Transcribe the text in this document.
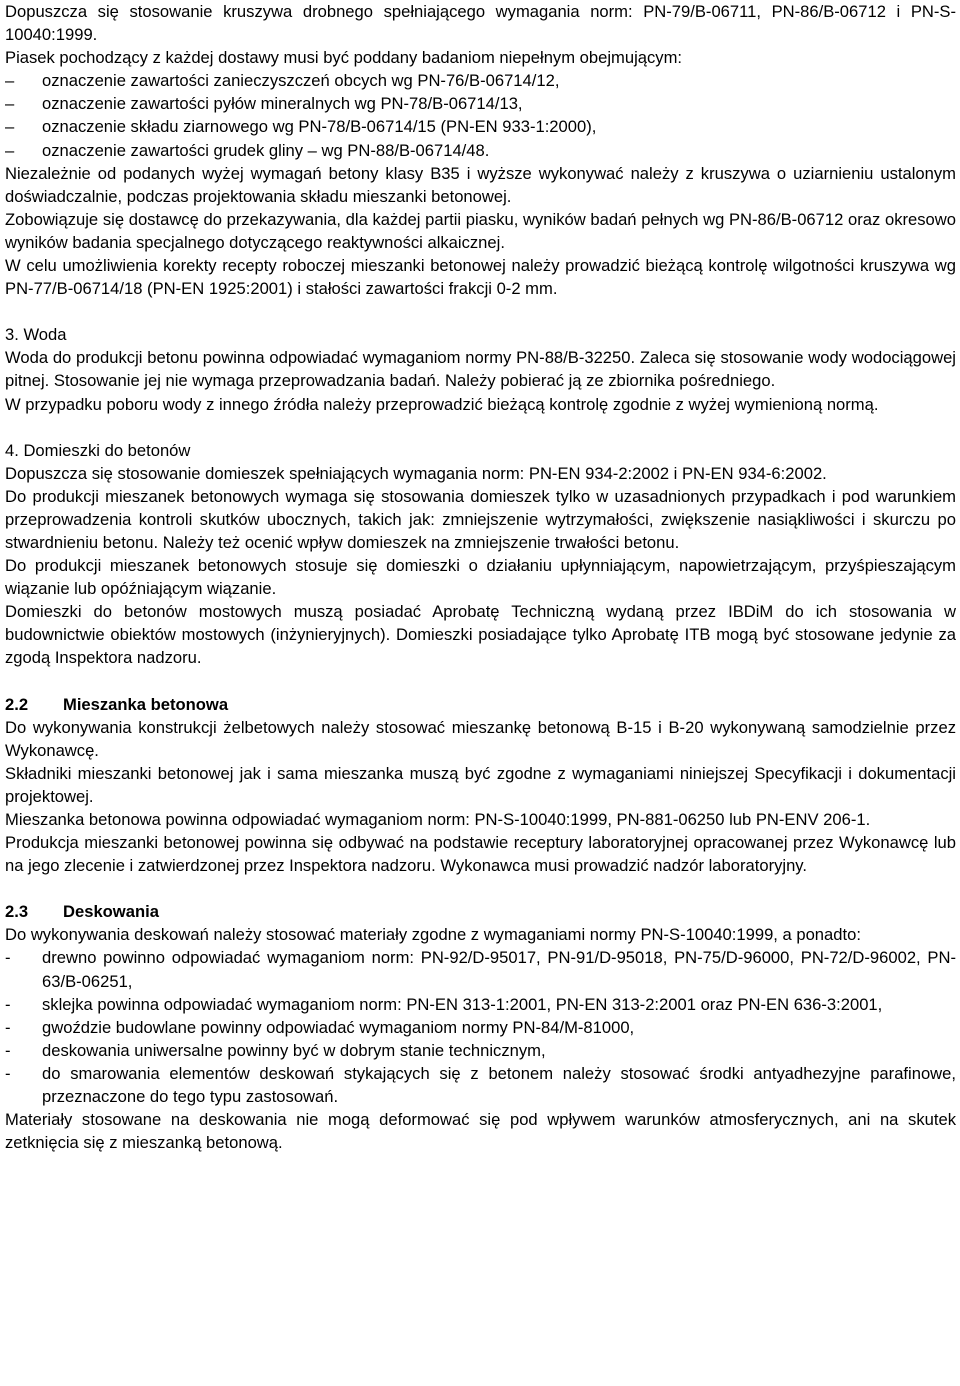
Dopuszcza się stosowanie kruszywa drobnego spełniającego wymagania norm: PN-79/B-06711, PN-86/B-06712 i PN-S-10040:1999.

Piasek pochodzący z każdej dostawy musi być poddany badaniom niepełnym obejmującym:

–	oznaczenie zawartości zanieczyszczeń obcych wg PN-76/B-06714/12,
–	oznaczenie zawartości pyłów mineralnych wg PN-78/B-06714/13,
–	oznaczenie składu ziarnowego wg PN-78/B-06714/15 (PN-EN 933-1:2000),
–	oznaczenie zawartości grudek gliny – wg PN-88/B-06714/48.

Niezależnie od podanych wyżej wymagań betony klasy B35 i wyższe wykonywać należy z kruszywa o uziarnieniu ustalonym doświadczalnie, podczas projektowania składu mieszanki betonowej.

Zobowiązuje się dostawcę do przekazywania, dla każdej partii piasku, wyników badań pełnych wg PN-86/B-06712 oraz okresowo wyników badania specjalnego dotyczącego reaktywności alkaicznej.

W celu umożliwienia korekty recepty roboczej mieszanki betonowej należy prowadzić bieżącą kontrolę wilgotności kruszywa wg PN-77/B-06714/18 (PN-EN 1925:2001) i stałości zawartości frakcji 0-2 mm.

3. Woda

Woda do produkcji betonu powinna odpowiadać wymaganiom normy PN-88/B-32250. Zaleca się stosowanie wody wodociągowej pitnej. Stosowanie jej nie wymaga przeprowadzania badań. Należy pobierać ją ze zbiornika pośredniego.

W przypadku poboru wody z innego źródła należy przeprowadzić bieżącą kontrolę zgodnie z wyżej wymienioną normą.

4. Domieszki do betonów

Dopuszcza się stosowanie domieszek spełniających wymagania norm: PN-EN 934-2:2002 i PN-EN 934-6:2002.

Do produkcji mieszanek betonowych wymaga się stosowania domieszek tylko w uzasadnionych przypadkach i pod warunkiem przeprowadzenia kontroli skutków ubocznych, takich jak: zmniejszenie wytrzymałości, zwiększenie nasiąkliwości i skurczu po stwardnieniu betonu. Należy też ocenić wpływ domieszek na zmniejszenie trwałości betonu.

Do produkcji mieszanek betonowych stosuje się domieszki o działaniu upłynniającym, napowietrzającym, przyśpieszającym wiązanie lub opóźniającym wiązanie.

Domieszki do betonów mostowych muszą posiadać Aprobatę Techniczną wydaną przez IBDiM do ich stosowania w budownictwie obiektów mostowych (inżynieryjnych). Domieszki posiadające tylko Aprobatę ITB mogą być stosowane jedynie za zgodą Inspektora nadzoru.

2.2 Mieszanka betonowa

Do wykonywania konstrukcji żelbetowych należy stosować mieszankę betonową B-15 i B-20 wykonywaną samodzielnie przez Wykonawcę.

Składniki mieszanki betonowej jak i sama mieszanka muszą być zgodne z wymaganiami niniejszej Specyfikacji i dokumentacji projektowej.

Mieszanka betonowa powinna odpowiadać wymaganiom norm: PN-S-10040:1999, PN-881-06250 lub PN-ENV 206-1.

Produkcja mieszanki betonowej powinna się odbywać na podstawie receptury laboratoryjnej opracowanej przez Wykonawcę lub na jego zlecenie i zatwierdzonej przez Inspektora nadzoru. Wykonawca musi prowadzić nadzór laboratoryjny.

2.3 Deskowania

Do wykonywania deskowań należy stosować materiały zgodne z wymaganiami normy PN-S-10040:1999, a ponadto:

- drewno powinno odpowiadać wymaganiom norm: PN-92/D-95017, PN-91/D-95018, PN-75/D-96000, PN-72/D-96002, PN-63/B-06251,
- sklejka powinna odpowiadać wymaganiom norm: PN-EN 313-1:2001, PN-EN 313-2:2001 oraz PN-EN 636-3:2001,
- gwoździe budowlane powinny odpowiadać wymaganiom normy PN-84/M-81000,
- deskowania uniwersalne powinny być w dobrym stanie technicznym,
- do smarowania elementów deskowań stykających się z betonem należy stosować środki antyadhezyjne parafinowe, przeznaczone do tego typu zastosowań.

Materiały stosowane na deskowania nie mogą deformować się pod wpływem warunków atmosferycznych, ani na skutek zetknięcia się z mieszanką betonową.
